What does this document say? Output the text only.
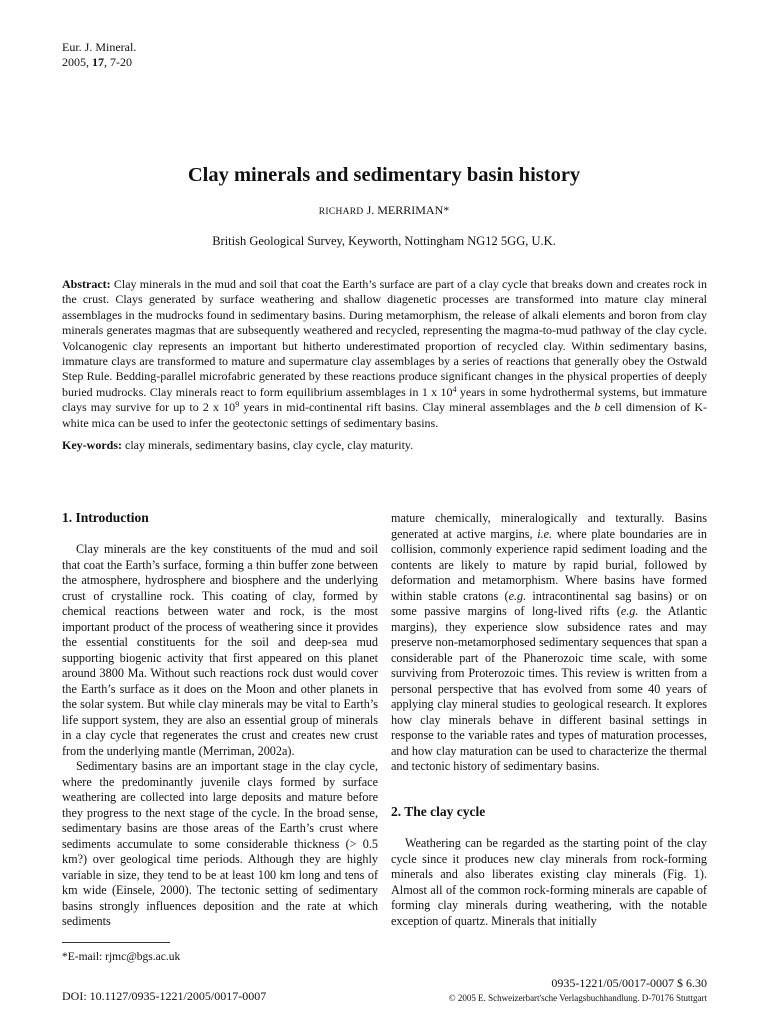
Eur. J. Mineral.
2005, 17, 7-20
Clay minerals and sedimentary basin history
RICHARD J. MERRIMAN*
British Geological Survey, Keyworth, Nottingham NG12 5GG, U.K.
Abstract: Clay minerals in the mud and soil that coat the Earth’s surface are part of a clay cycle that breaks down and creates rock in the crust. Clays generated by surface weathering and shallow diagenetic processes are transformed into mature clay mineral assemblages in the mudrocks found in sedimentary basins. During metamorphism, the release of alkali elements and boron from clay minerals generates magmas that are subsequently weathered and recycled, representing the magma-to-mud pathway of the clay cycle. Volcanogenic clay represents an important but hitherto underestimated proportion of recycled clay. Within sedimentary basins, immature clays are transformed to mature and supermature clay assemblages by a series of reactions that generally obey the Ostwald Step Rule. Bedding-parallel microfabric generated by these reactions produce significant changes in the physical properties of deeply buried mudrocks. Clay minerals react to form equilibrium assemblages in 1 x $10^4$ years in some hydrothermal systems, but immature clays may survive for up to 2 x $10^9$ years in mid-continental rift basins. Clay mineral assemblages and the b cell dimension of K-white mica can be used to infer the geotectonic settings of sedimentary basins.
Key-words: clay minerals, sedimentary basins, clay cycle, clay maturity.
1. Introduction

Clay minerals are the key constituents of the mud and soil that coat the Earth’s surface, forming a thin buffer zone between the atmosphere, hydrosphere and biosphere and the underlying crust of crystalline rock. This coating of clay, formed by chemical reactions between water and rock, is the most important product of the process of weathering since it provides the essential constituents for the soil and deep-sea mud supporting biogenic activity that first appeared on this planet around 3800 Ma. Without such reactions rock dust would cover the Earth’s surface as it does on the Moon and other planets in the solar system. But while clay minerals may be vital to Earth’s life support system, they are also an essential group of minerals in a clay cycle that regenerates the crust and creates new crust from the underlying mantle (Merriman, 2002a).

Sedimentary basins are an important stage in the clay cycle, where the predominantly juvenile clays formed by surface weathering are collected into large deposits and mature before they progress to the next stage of the cycle. In the broad sense, sedimentary basins are those areas of the Earth’s crust where sediments accumulate to some considerable thickness (> 0.5 km?) over geological time periods. Although they are highly variable in size, they tend to be at least 100 km long and tens of km wide (Einsele, 2000). The tectonic setting of sedimentary basins strongly influences deposition and the rate at which sediments

mature chemically, mineralogically and texturally. Basins generated at active margins, i.e. where plate boundaries are in collision, commonly experience rapid sediment loading and the contents are likely to mature by rapid burial, followed by deformation and metamorphism. Where basins have formed within stable cratons (e.g. intracontinental sag basins) or on some passive margins of long-lived rifts (e.g. the Atlantic margins), they experience slow subsidence rates and may preserve non-metamorphosed sedimentary sequences that span a considerable part of the Phanerozoic time scale, with some surviving from Proterozoic times. This review is written from a personal perspective that has evolved from some 40 years of applying clay mineral studies to geological research. It explores how clay minerals behave in different basinal settings in response to the variable rates and types of maturation processes, and how clay maturation can be used to characterize the thermal and tectonic history of sedimentary basins.

2. The clay cycle

Weathering can be regarded as the starting point of the clay cycle since it produces new clay minerals from rock-forming minerals and also liberates existing clay minerals (Fig. 1). Almost all of the common rock-forming minerals are capable of forming clay minerals during weathering, with the notable exception of quartz. Minerals that initially

*E-mail: rjmc@bgs.ac.uk
DOI: 10.1127/0935-1221/2005/0017-0007
0935-1221/05/0017-0007 $ 6.30
© 2005 E. Schweizerbart'sche Verlagsbuchhandlung. D-70176 Stuttgart
